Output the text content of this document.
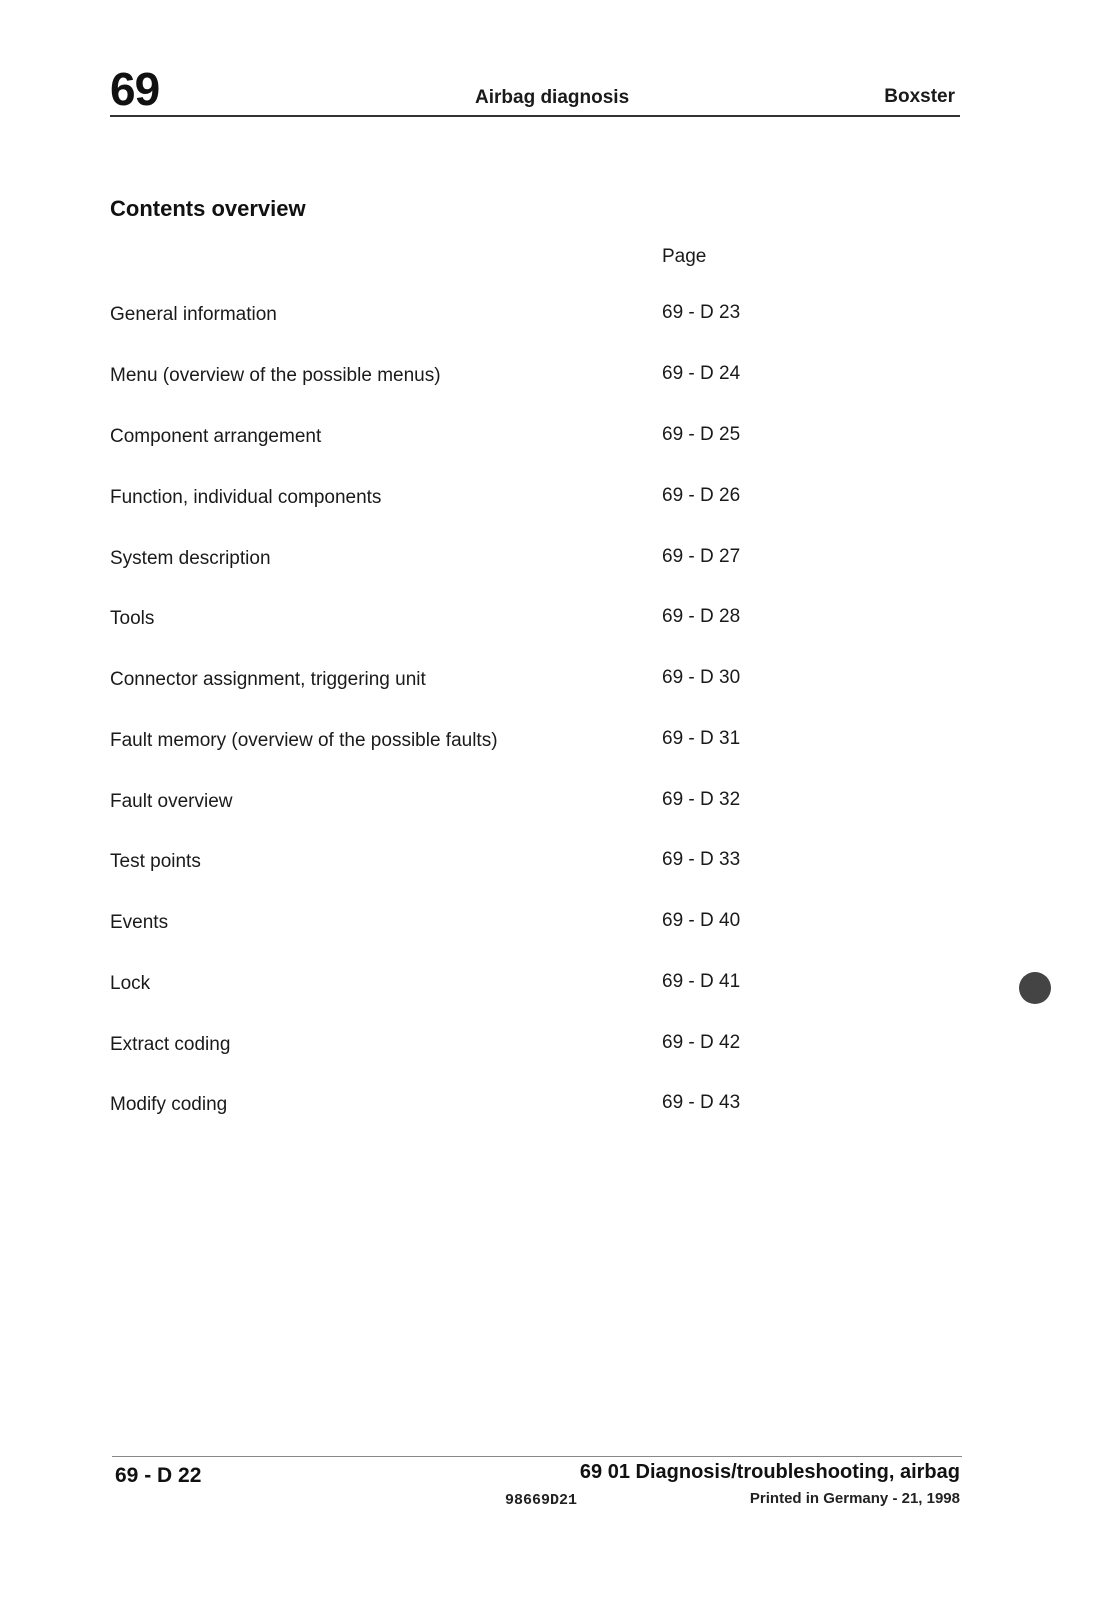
69	Airbag diagnosis	Boxster
Contents overview
Page
General information	69 - D 23
Menu (overview of the possible menus)	69 - D 24
Component arrangement	69 - D 25
Function, individual components	69 - D 26
System description	69 - D 27
Tools	69 - D 28
Connector assignment, triggering unit	69 - D 30
Fault memory (overview of the possible faults)	69 - D 31
Fault overview	69 - D 32
Test points	69 - D 33
Events	69 - D 40
Lock	69 - D 41
Extract coding	69 - D 42
Modify coding	69 - D 43
69 - D 22	69 01 Diagnosis/troubleshooting, airbag
98669D21	Printed in Germany - 21, 1998
